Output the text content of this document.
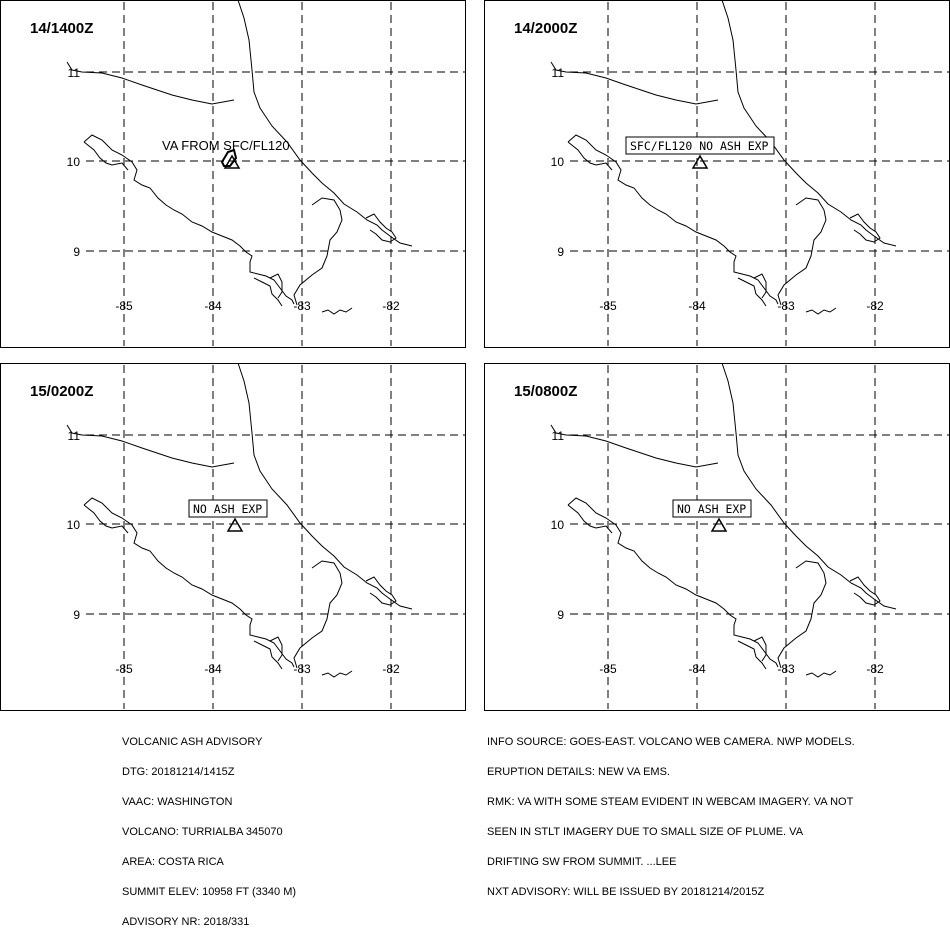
11
10
9
-85	-84	-83	-82
14/1400Z
VA FROM SFC/FL120
11
10
9
-85	-84	-83	-82
14/2000Z
SFC/FL120 NO ASH EXP
11
10
9
-85	-84	-83	-82
15/0200Z
NO ASH EXP
11
10
9
-85	-84	-83	-82
15/0800Z
NO ASH EXP

VOLCANIC ASH ADVISORY

DTG: 20181214/1415Z

VAAC: WASHINGTON

VOLCANO: TURRIALBA 345070

AREA: COSTA RICA

SUMMIT ELEV: 10958 FT (3340 M)

ADVISORY NR: 2018/331

INFO SOURCE: GOES-EAST. VOLCANO WEB CAMERA. NWP MODELS.

ERUPTION DETAILS: NEW VA EMS.

RMK: VA WITH SOME STEAM EVIDENT IN WEBCAM IMAGERY. VA NOT

SEEN IN STLT IMAGERY DUE TO SMALL SIZE OF PLUME. VA

DRIFTING SW FROM SUMMIT. ...LEE

NXT ADVISORY: WILL BE ISSUED BY 20181214/2015Z
